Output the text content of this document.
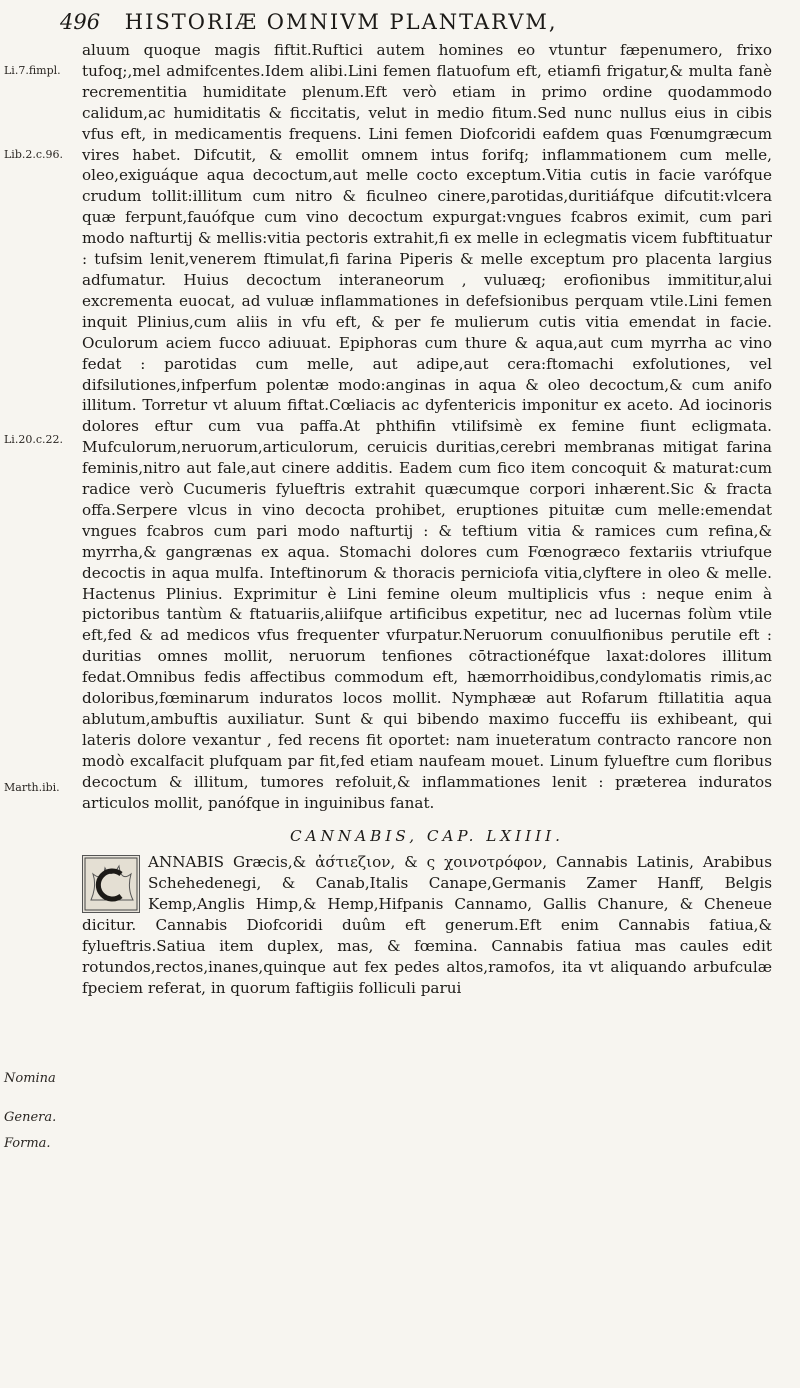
496 HISTORIÆ OMNIVM PLANTARVM,
Li.7.fimpl.
Lib.2.c.96.
Li.20.c.22.
Marth.ibi.
Nomina
Genera.
Forma.

aluum quoque magis fiftit.Ruftici autem homines eo vtuntur fæpenumero, frixo tufoq;,mel admifcentes.Idem alibi.Lini femen flatuofum eft, etiamfi frigatur,& multa fanè recrementitia humiditate plenum.Eft verò etiam in primo ordine quodammodo calidum,ac humiditatis & ficcitatis, velut in medio fitum.Sed nunc nullus eius in cibis vfus eft, in medicamentis frequens. Lini femen Diofcoridi eafdem quas Fœnumgræcum vires habet. Difcutit, & emollit omnem intus forifq; inflammationem cum melle, oleo,exiguáque aqua decoctum,aut melle cocto exceptum.Vitia cutis in facie varófque crudum tollit:illitum cum nitro & ficulneo cinere,parotidas,duritiáfque difcutit:vlcera quæ ferpunt,fauófque cum vino decoctum expurgat:vngues fcabros eximit, cum pari modo nafturtij & mellis:vitia pectoris extrahit,fi ex melle in eclegmatis vicem fubftituatur : tufsim lenit,venerem ftimulat,fi farina Piperis & melle exceptum pro placenta largius adfumatur. Huius decoctum interaneorum , vuluæq; erofionibus immititur,alui excrementa euocat, ad vuluæ inflammationes in defefsionibus perquam vtile.Lini femen inquit Plinius,cum aliis in vfu eft, & per fe mulierum cutis vitia emendat in facie. Oculorum aciem fucco adiuuat. Epiphoras cum thure & aqua,aut cum myrrha ac vino fedat : parotidas cum melle, aut adipe,aut cera:ftomachi exfolutiones, vel difsilutiones,infperfum polentæ modo:anginas in aqua & oleo decoctum,& cum anifo illitum. Torretur vt aluum fiftat.Cœliacis ac dyfentericis imponitur ex aceto. Ad iocinoris dolores eftur cum vua paffa.At phthifin vtilifsimè ex femine fiunt ecligmata. Mufculorum,neruorum,articulorum, ceruicis duritias,cerebri membranas mitigat farina feminis,nitro aut fale,aut cinere additis. Eadem cum fico item concoquit & maturat:cum radice verò Cucumeris fylueftris extrahit quæcumque corpori inhærent.Sic & fracta offa.Serpere vlcus in vino decocta prohibet, eruptiones pituitæ cum melle:emendat vngues fcabros cum pari modo nafturtij : & teftium vitia & ramices cum refina,& myrrha,& gangrænas ex aqua. Stomachi dolores cum Fœnogræco fextariis vtriufque decoctis in aqua mulfa. Inteftinorum & thoracis perniciofa vitia,clyftere in oleo & melle. Hactenus Plinius. Exprimitur è Lini femine oleum multiplicis vfus : neque enim à pictoribus tantùm & ftatuariis,aliifque artificibus expetitur, nec ad lucernas folùm vtile eft,fed & ad medicos vfus frequenter vfurpatur.Neruorum conuulfionibus perutile eft : duritias omnes mollit, neruorum tenfiones cōtractionéfque laxat:dolores illitum fedat.Omnibus fedis affectibus commodum eft, hæmorrhoidibus,condylomatis rimis,ac doloribus,fœminarum induratos locos mollit. Nymphææ aut Rofarum ftillatitia aqua ablutum,ambuftis auxiliatur. Sunt & qui bibendo maximo fucceffu iis exhibeant, qui lateris dolore vexantur , fed recens fit oportet: nam inueteratum contracto rancore non modò excalfacit plufquam par fit,fed etiam naufeam mouet. Linum fylueftre cum floribus decoctum & illitum, tumores refoluit,& inflammationes lenit : præterea induratos articulos mollit, panófque in inguinibus fanat.

CANNABIS, CAP. LXIIII.

ANNABIS Græcis,& ἀσ́τιεζιον, & ς χοινοτρόφον, Cannabis Latinis, Arabibus Schehedenegi, & Canab,Italis Canape,Germanis Zamer Hanff, Belgis Kemp,Anglis Himp,& Hemp,Hifpanis Cannamo, Gallis Chanure, & Cheneue dicitur. Cannabis Diofcoridi duûm eft generum.Eft enim Cannabis fatiua,& fylueftris.Satiua item duplex, mas, & fœmina. Cannabis fatiua mas caules edit rotundos,rectos,inanes,quinque aut fex pedes altos,ramofos, ita vt aliquando arbufculæ fpeciem referat, in quorum faftigiis folliculi parui
